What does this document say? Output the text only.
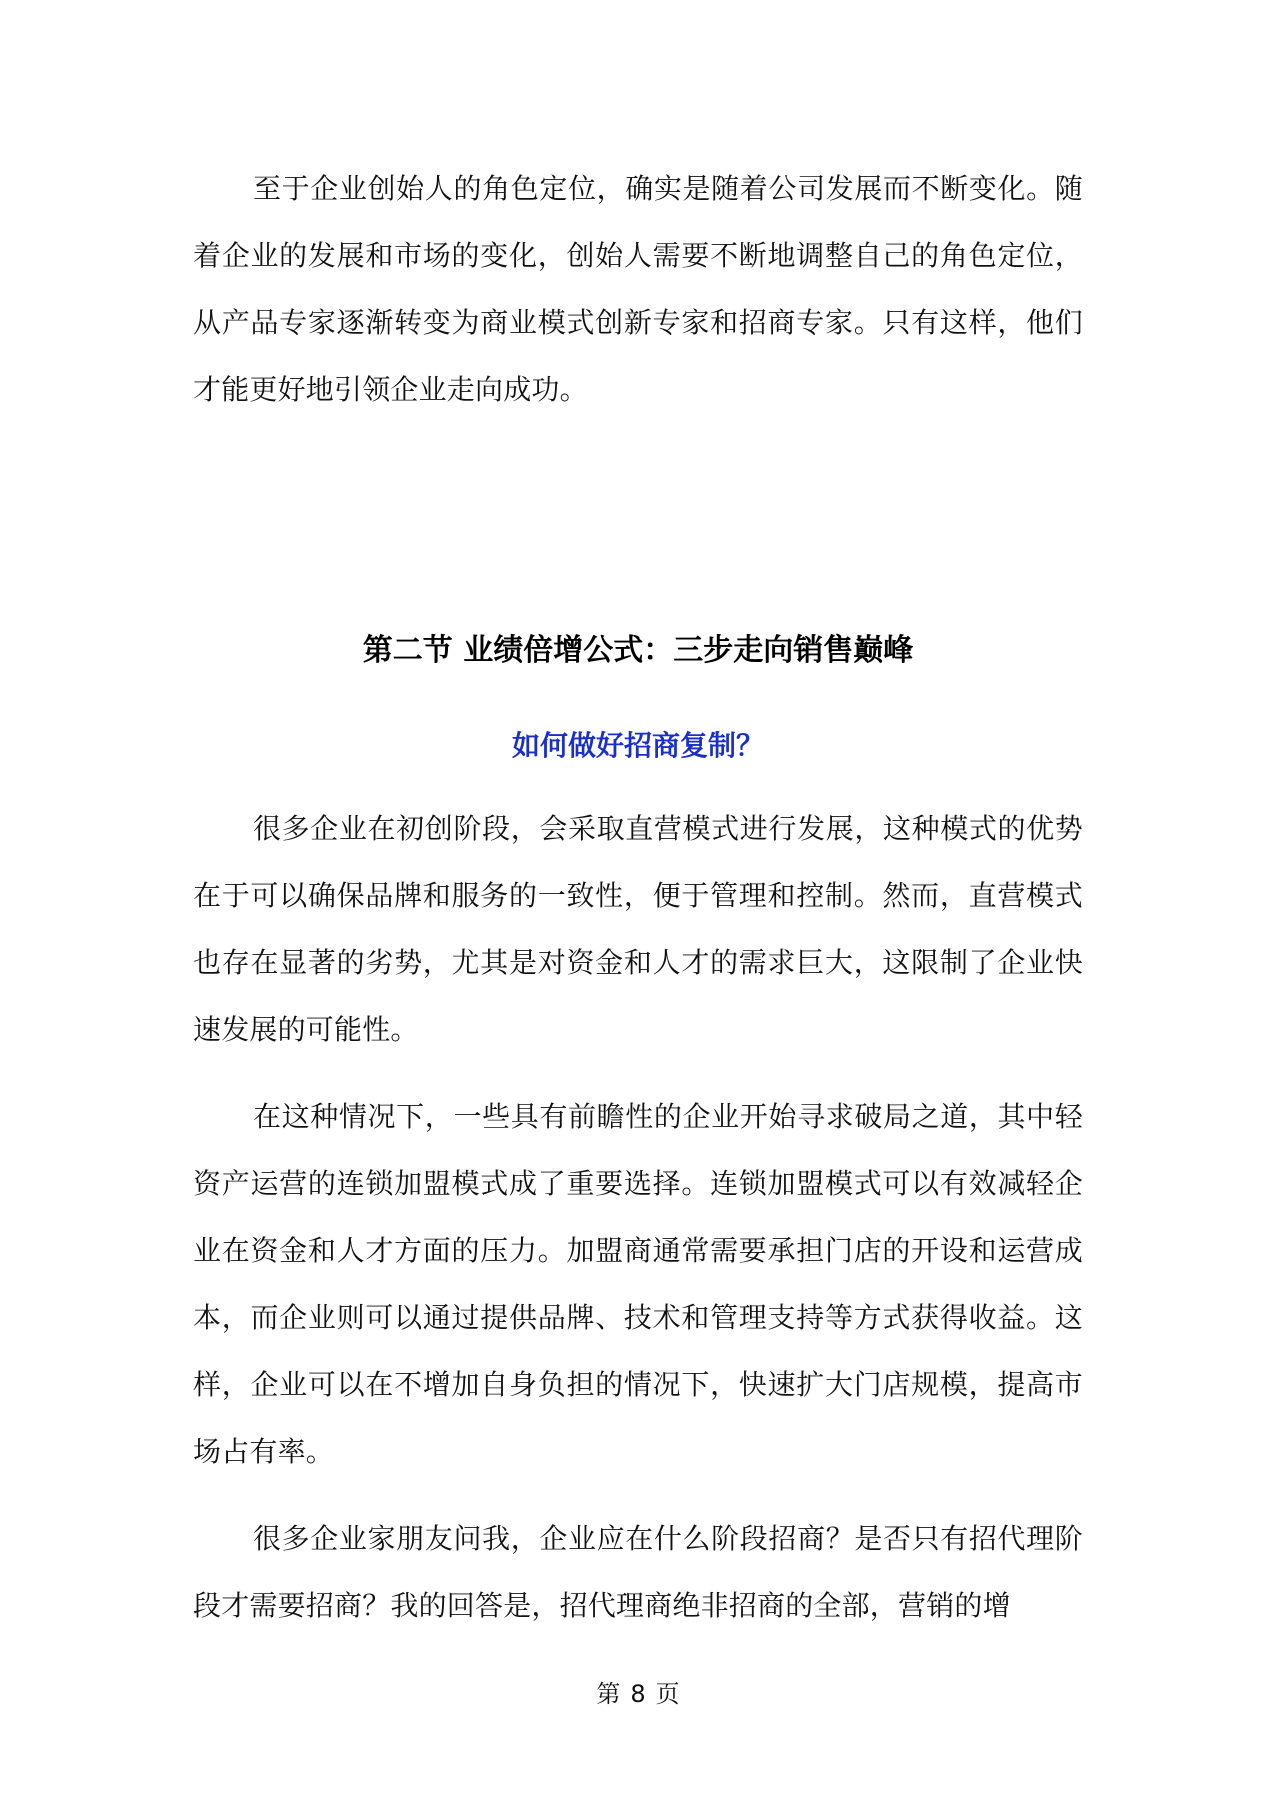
至于企业创始人的角色定位，确实是随着公司发展而不断变化。随着企业的发展和市场的变化，创始人需要不断地调整自己的角色定位，从产品专家逐渐转变为商业模式创新专家和招商专家。只有这样，他们才能更好地引领企业走向成功。

第二节 业绩倍增公式：三步走向销售巅峰
如何做好招商复制？

很多企业在初创阶段，会采取直营模式进行发展，这种模式的优势在于可以确保品牌和服务的一致性，便于管理和控制。然而，直营模式也存在显著的劣势，尤其是对资金和人才的需求巨大，这限制了企业快速发展的可能性。

在这种情况下，一些具有前瞻性的企业开始寻求破局之道，其中轻资产运营的连锁加盟模式成了重要选择。连锁加盟模式可以有效减轻企业在资金和人才方面的压力。加盟商通常需要承担门店的开设和运营成本，而企业则可以通过提供品牌、技术和管理支持等方式获得收益。这样，企业可以在不增加自身负担的情况下，快速扩大门店规模，提高市场占有率。

很多企业家朋友问我，企业应在什么阶段招商？是否只有招代理阶段才需要招商？我的回答是，招代理商绝非招商的全部，营销的增

第 8 页
